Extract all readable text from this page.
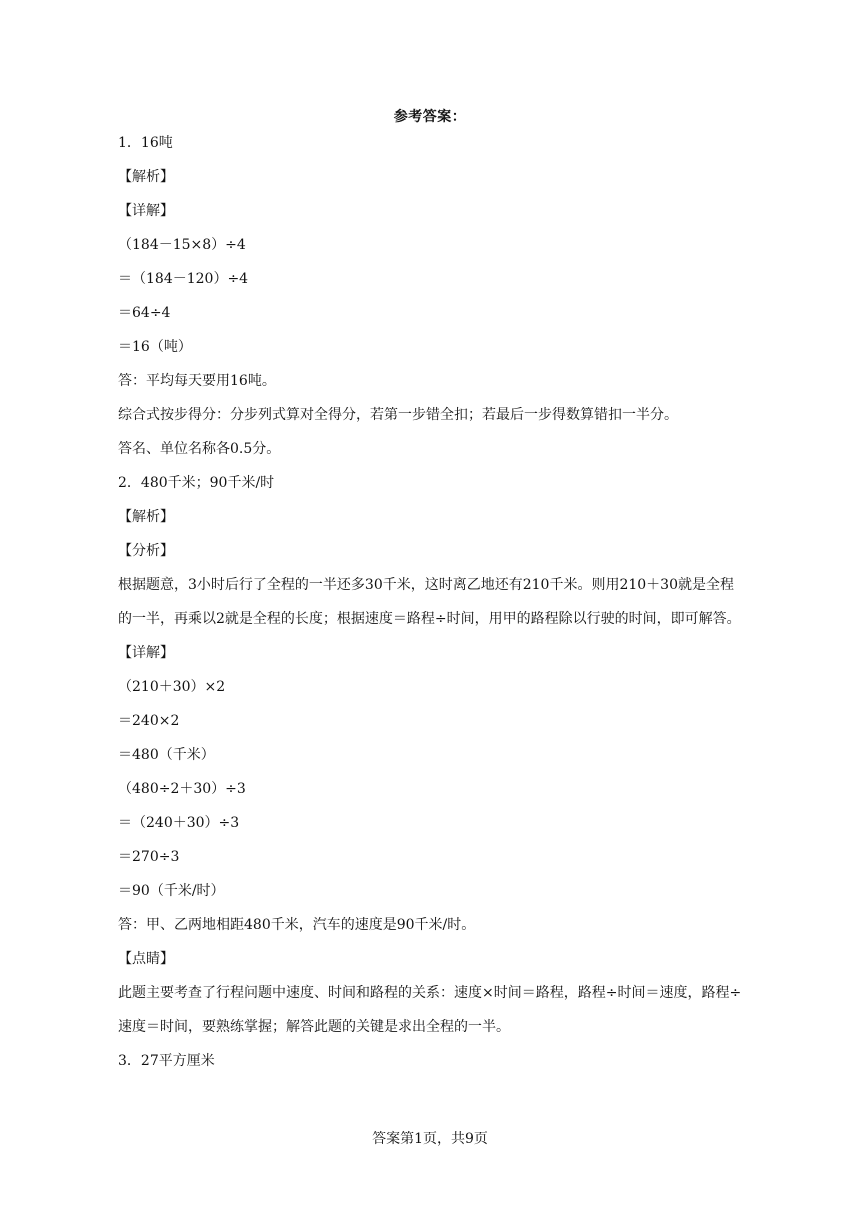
参考答案：
1．16吨
【解析】
【详解】
（184－15×8）÷4
＝（184－120）÷4
＝64÷4
＝16（吨）
答：平均每天要用16吨。
综合式按步得分：分步列式算对全得分，若第一步错全扣；若最后一步得数算错扣一半分。
答名、单位名称各0.5分。
2．480千米；90千米/时
【解析】
【分析】
根据题意，3小时后行了全程的一半还多30千米，这时离乙地还有210千米。则用210＋30就是全程的一半，再乘以2就是全程的长度；根据速度＝路程÷时间，用甲的路程除以行驶的时间，即可解答。
【详解】
（210＋30）×2
＝240×2
＝480（千米）
（480÷2＋30）÷3
＝（240＋30）÷3
＝270÷3
＝90（千米/时）
答：甲、乙两地相距480千米，汽车的速度是90千米/时。
【点睛】
此题主要考查了行程问题中速度、时间和路程的关系：速度×时间＝路程，路程÷时间＝速度，路程÷速度＝时间，要熟练掌握；解答此题的关键是求出全程的一半。
3．27平方厘米
答案第1页，共9页
